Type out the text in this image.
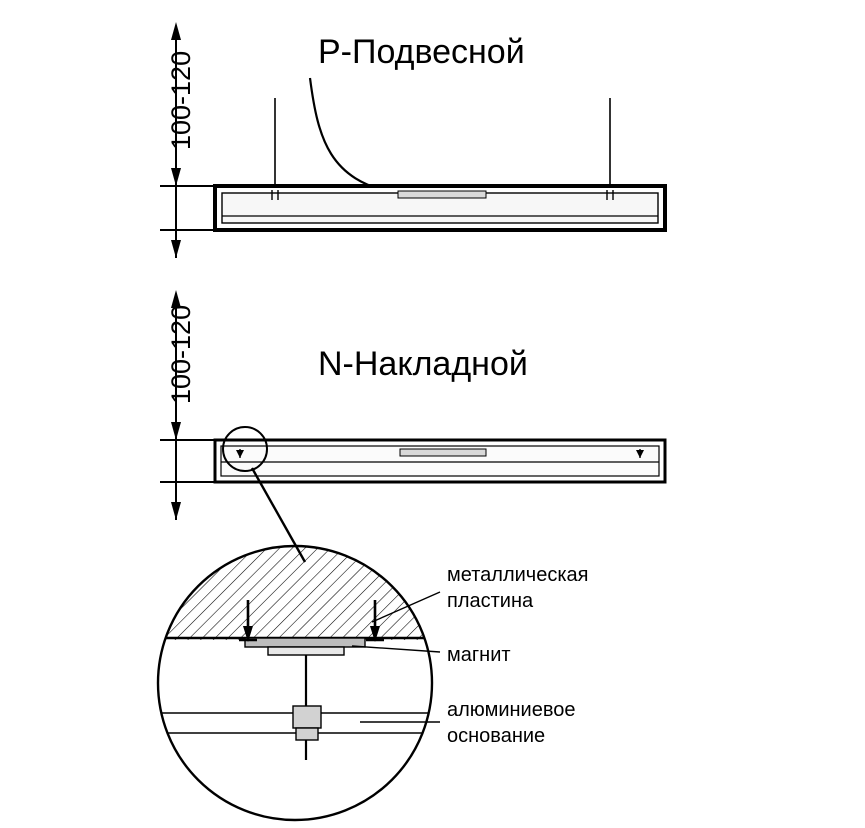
P-Подвесной
N-Накладной
100-120
100-120
металлическая
пластина
магнит
алюминиевое
основание
